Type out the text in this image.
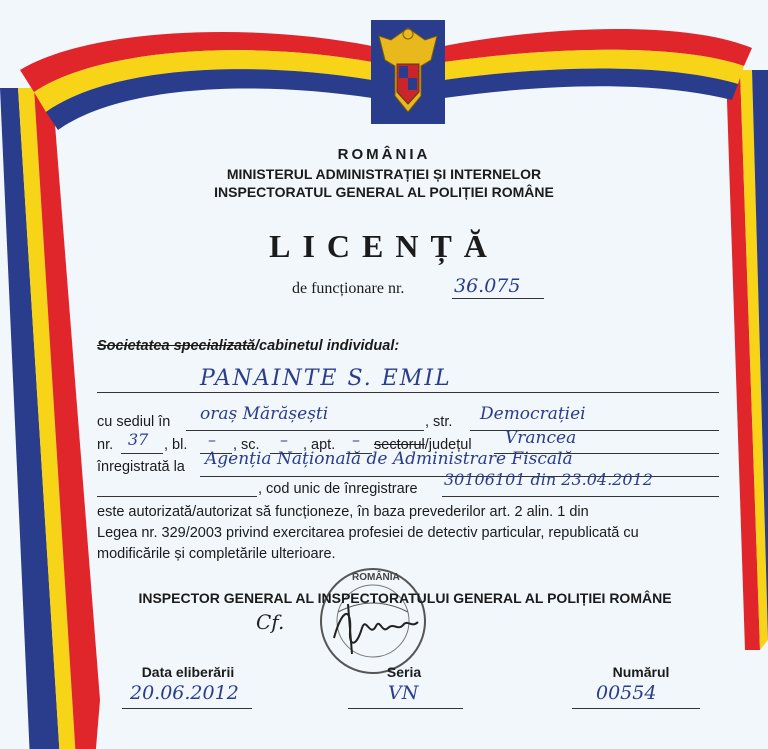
ROMÂNIA
MINISTERUL ADMINISTRAȚIEI ȘI INTERNELOR
INSPECTORATUL GENERAL AL POLIȚIEI ROMÂNE
LICENȚĂ
de funcționare nr.	36.075
Societatea specializată/cabinetul individual:
PANAINTE S. EMIL
cu sediul în oraș Mărășești	, str. Democrației
nr. 37 , bl. – , sc. – , apt. – sectorul/județul Vrancea
înregistrată la Agenția Națională de Administrare Fiscală
, cod unic de înregistrare 30106101 din 23.04.2012
este autorizată/autorizat să funcționeze, în baza prevederilor art. 2 alin. 1 din
Legea nr. 329/2003 privind exercitarea profesiei de detectiv particular, republicată cu
modificările și completările ulterioare.
ROMÂNIA
INSPECTOR GENERAL AL INSPECTORATULUI GENERAL AL POLIȚIEI ROMÂNE
Cf.
Data eliberării
20.06.2012
Seria
VN
Numărul
00554
